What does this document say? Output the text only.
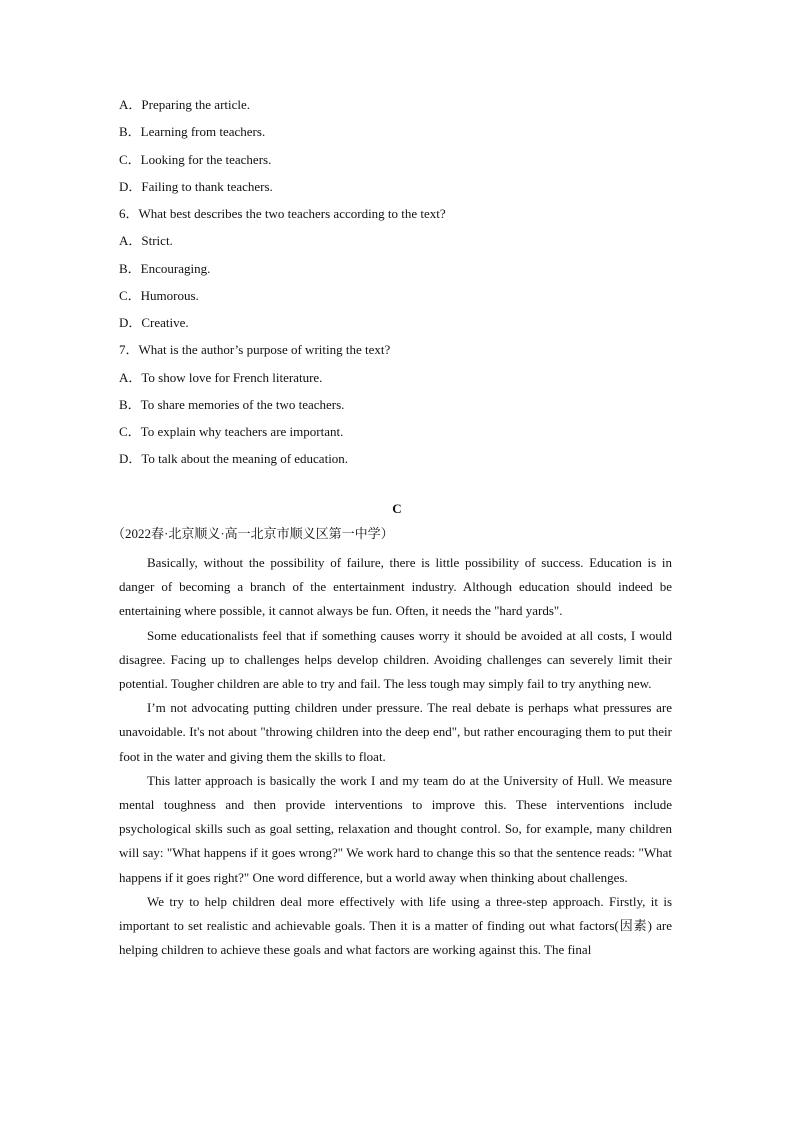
A．Preparing the article.
B．Learning from teachers.
C．Looking for the teachers.
D．Failing to thank teachers.
6．What best describes the two teachers according to the text?
A．Strict.
B．Encouraging.
C．Humorous.
D．Creative.
7．What is the author’s purpose of writing the text?
A．To show love for French literature.
B．To share memories of the two teachers.
C．To explain why teachers are important.
D．To talk about the meaning of education.
C
（2022春·北京顺义·高一北京市顺义区第一中学）

Basically, without the possibility of failure, there is little possibility of success. Education is in danger of becoming a branch of the entertainment industry. Although education should indeed be entertaining where possible, it cannot always be fun. Often, it needs the "hard yards".

Some educationalists feel that if something causes worry it should be avoided at all costs, I would disagree. Facing up to challenges helps develop children. Avoiding challenges can severely limit their potential. Tougher children are able to try and fail. The less tough may simply fail to try anything new.

I’m not advocating putting children under pressure. The real debate is perhaps what pressures are unavoidable. It's not about "throwing children into the deep end", but rather encouraging them to put their foot in the water and giving them the skills to float.

This latter approach is basically the work I and my team do at the University of Hull. We measure mental toughness and then provide interventions to improve this. These interventions include psychological skills such as goal setting, relaxation and thought control. So, for example, many children will say: "What happens if it goes wrong?" We work hard to change this so that the sentence reads: "What happens if it goes right?" One word difference, but a world away when thinking about challenges.

We try to help children deal more effectively with life using a three-step approach. Firstly, it is important to set realistic and achievable goals. Then it is a matter of finding out what factors(因素) are helping children to achieve these goals and what factors are working against this. The final
